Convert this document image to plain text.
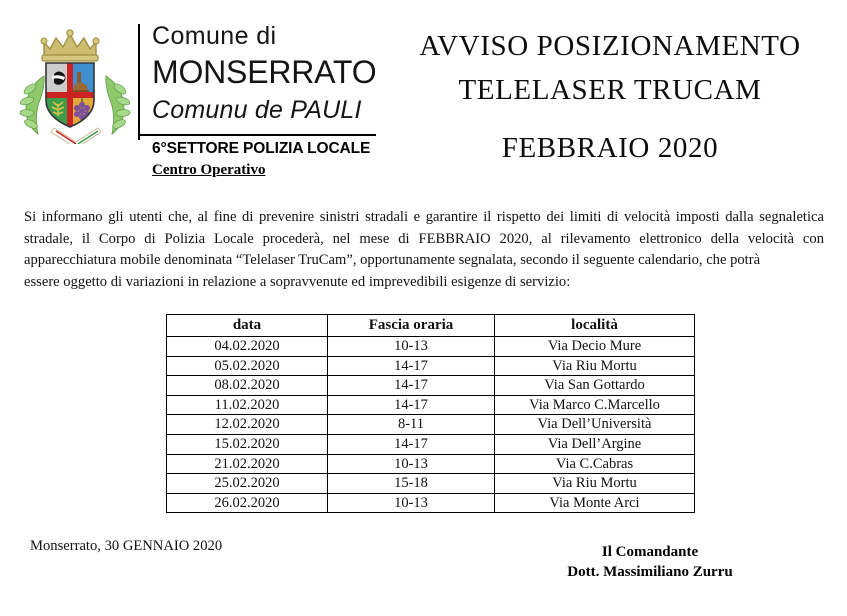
Comune di
MONSERRATO
Comunu de PAULI
6°SETTORE POLIZIA LOCALE
Centro Operativo
AVVISO POSIZIONAMENTO
TELELASER TRUCAM
FEBBRAIO 2020
Si informano gli utenti che, al fine di prevenire sinistri stradali e garantire il rispetto dei limiti di velocità imposti dalla segnaletica stradale, il Corpo di Polizia Locale procederà, nel mese di FEBBRAIO 2020, al rilevamento elettronico della velocità con apparecchiatura mobile denominata “Telelaser TruCam”, opportunamente segnalata, secondo il seguente calendario, che potrà
essere oggetto di variazioni in relazione a sopravvenute ed imprevedibili esigenze di servizio:
data	Fascia oraria	località
04.02.2020	10-13	Via Decio Mure
05.02.2020	14-17	Via Riu Mortu
08.02.2020	14-17	Via San Gottardo
11.02.2020	14-17	Via Marco C.Marcello
12.02.2020	8-11	Via Dell’Università
15.02.2020	14-17	Via Dell’Argine
21.02.2020	10-13	Via C.Cabras
25.02.2020	15-18	Via Riu Mortu
26.02.2020	10-13	Via Monte Arci
Monserrato, 30 GENNAIO 2020	Il Comandante
Dott. Massimiliano Zurru
